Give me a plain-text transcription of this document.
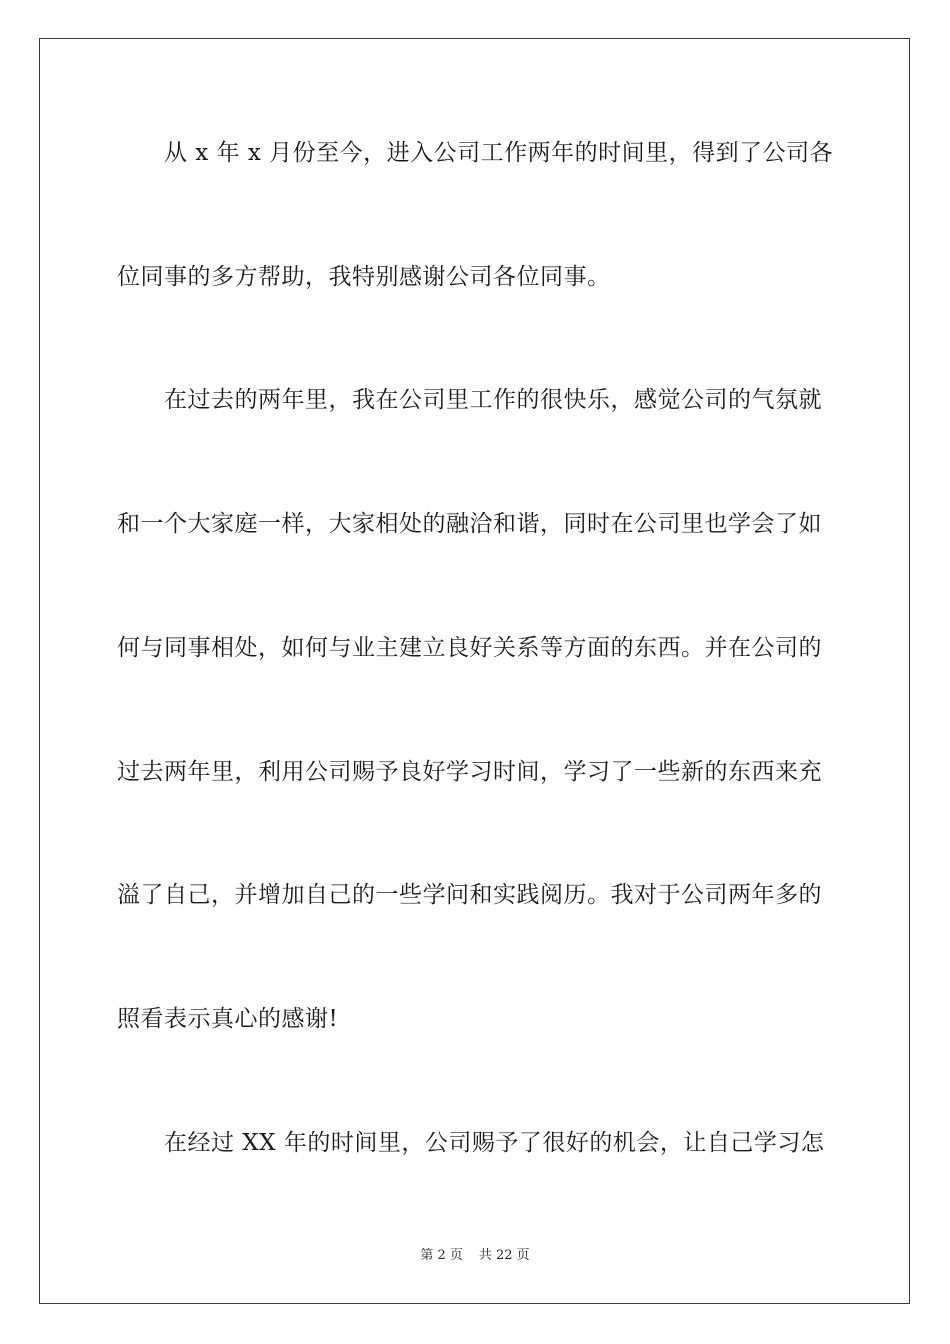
从 x 年 x 月份至今，进入公司工作两年的时间里，得到了公司各
位同事的多方帮助，我特别感谢公司各位同事。
在过去的两年里，我在公司里工作的很快乐，感觉公司的气氛就
和一个大家庭一样，大家相处的融洽和谐，同时在公司里也学会了如
何与同事相处，如何与业主建立良好关系等方面的东西。并在公司的
过去两年里，利用公司赐予良好学习时间，学习了一些新的东西来充
溢了自己，并增加自己的一些学问和实践阅历。我对于公司两年多的
照看表示真心的感谢!
在经过 XX 年的时间里，公司赐予了很好的机会，让自己学习怎
第 2 页 共 22 页
